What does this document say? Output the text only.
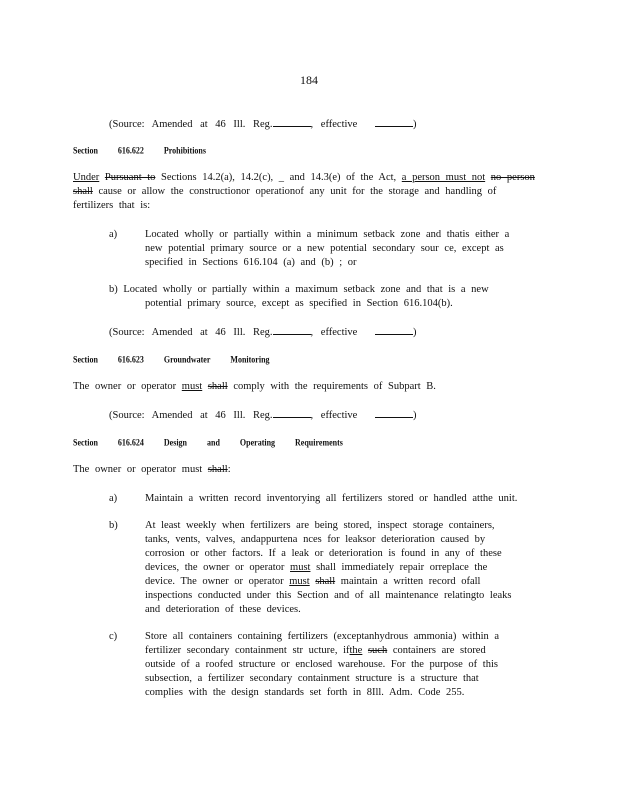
184
(Source: Amended at 46 Ill. Reg.	, effective	)
Section	616.622	Prohibitions
Under Pursuant to Sections 14.2(a), 14.2(c), _ and 14.3(e) of the Act, a person must not no person
shall cause or allow the constructionor operationof any unit for the storage and handling of
fertilizers that is:
a)	Located wholly or partially within a minimum setback zone and thatis either a
new potential primary source or a new potential secondary sour ce, except as
specified in Sections 616.104 (a) and (b) ; or
b) Located wholly or partially within a maximum setback zone and that is a new
potential primary source, except as specified in Section 616.104(b).
(Source: Amended at 46 Ill. Reg.	, effective	)
Section	616.623	Groundwater	Monitoring
The owner or operator must shall comply with the requirements of Subpart B.
(Source: Amended at 46 Ill. Reg.	, effective	)
Section	616.624	Design	and	Operating	Requirements
The owner or operator must shall:
a)	Maintain a written record inventorying all fertilizers stored or handled atthe unit.
b)	At least weekly when fertilizers are being stored, inspect storage containers,
tanks, vents, valves, andappurtena nces for leaksor deterioration caused by
corrosion or other factors. If a leak or deterioration is found in any of these
devices, the owner or operator must shall immediately repair orreplace the
device. The owner or operator must shall maintain a written record ofall
inspections conducted under this Section and of all maintenance relatingto leaks
and deterioration of these devices.
c)	Store all containers containing fertilizers (exceptanhydrous ammonia) within a
fertilizer secondary containment str ucture, ifthe such containers are stored
outside of a roofed structure or enclosed warehouse. For the purpose of this
subsection, a fertilizer secondary containment structure is a structure that
complies with the design standards set forth in 8Ill. Adm. Code 255.
